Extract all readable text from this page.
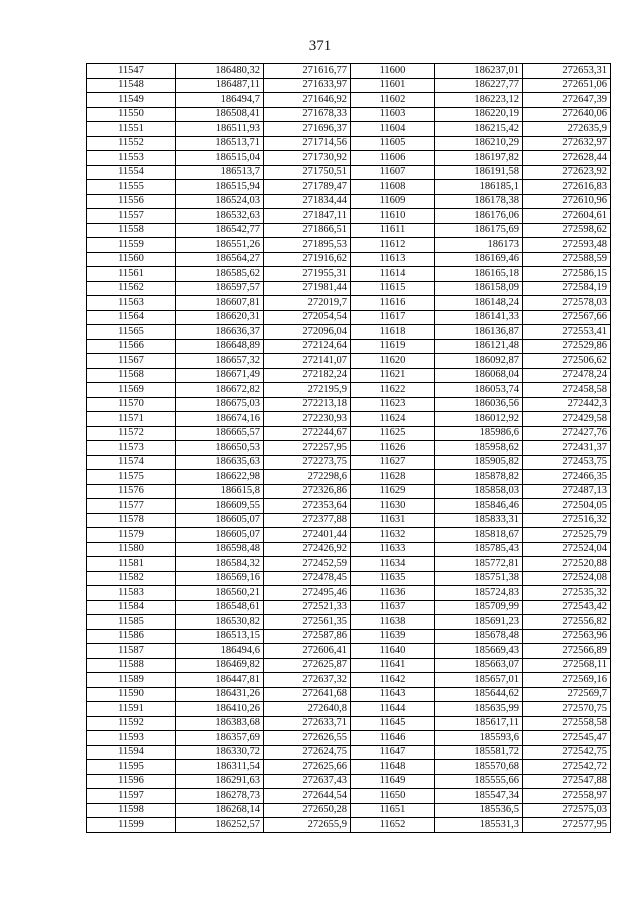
371
11547	186480,32	271616,77	11600	186237,01	272653,31
11548	186487,11	271633,97	11601	186227,77	272651,06
11549	186494,7	271646,92	11602	186223,12	272647,39
11550	186508,41	271678,33	11603	186220,19	272640,06
11551	186511,93	271696,37	11604	186215,42	272635,9
11552	186513,71	271714,56	11605	186210,29	272632,97
11553	186515,04	271730,92	11606	186197,82	272628,44
11554	186513,7	271750,51	11607	186191,58	272623,92
11555	186515,94	271789,47	11608	186185,1	272616,83
11556	186524,03	271834,44	11609	186178,38	272610,96
11557	186532,63	271847,11	11610	186176,06	272604,61
11558	186542,77	271866,51	11611	186175,69	272598,62
11559	186551,26	271895,53	11612	186173	272593,48
11560	186564,27	271916,62	11613	186169,46	272588,59
11561	186585,62	271955,31	11614	186165,18	272586,15
11562	186597,57	271981,44	11615	186158,09	272584,19
11563	186607,81	272019,7	11616	186148,24	272578,03
11564	186620,31	272054,54	11617	186141,33	272567,66
11565	186636,37	272096,04	11618	186136,87	272553,41
11566	186648,89	272124,64	11619	186121,48	272529,86
11567	186657,32	272141,07	11620	186092,87	272506,62
11568	186671,49	272182,24	11621	186068,04	272478,24
11569	186672,82	272195,9	11622	186053,74	272458,58
11570	186675,03	272213,18	11623	186036,56	272442,3
11571	186674,16	272230,93	11624	186012,92	272429,58
11572	186665,57	272244,67	11625	185986,6	272427,76
11573	186650,53	272257,95	11626	185958,62	272431,37
11574	186635,63	272273,75	11627	185905,82	272453,75
11575	186622,98	272298,6	11628	185878,82	272466,35
11576	186615,8	272326,86	11629	185858,03	272487,13
11577	186609,55	272353,64	11630	185846,46	272504,05
11578	186605,07	272377,88	11631	185833,31	272516,32
11579	186605,07	272401,44	11632	185818,67	272525,79
11580	186598,48	272426,92	11633	185785,43	272524,04
11581	186584,32	272452,59	11634	185772,81	272520,88
11582	186569,16	272478,45	11635	185751,38	272524,08
11583	186560,21	272495,46	11636	185724,83	272535,32
11584	186548,61	272521,33	11637	185709,99	272543,42
11585	186530,82	272561,35	11638	185691,23	272556,82
11586	186513,15	272587,86	11639	185678,48	272563,96
11587	186494,6	272606,41	11640	185669,43	272566,89
11588	186469,82	272625,87	11641	185663,07	272568,11
11589	186447,81	272637,32	11642	185657,01	272569,16
11590	186431,26	272641,68	11643	185644,62	272569,7
11591	186410,26	272640,8	11644	185635,99	272570,75
11592	186383,68	272633,71	11645	185617,11	272558,58
11593	186357,69	272626,55	11646	185593,6	272545,47
11594	186330,72	272624,75	11647	185581,72	272542,75
11595	186311,54	272625,66	11648	185570,68	272542,72
11596	186291,63	272637,43	11649	185555,66	272547,88
11597	186278,73	272644,54	11650	185547,34	272558,97
11598	186268,14	272650,28	11651	185536,5	272575,03
11599	186252,57	272655,9	11652	185531,3	272577,95
